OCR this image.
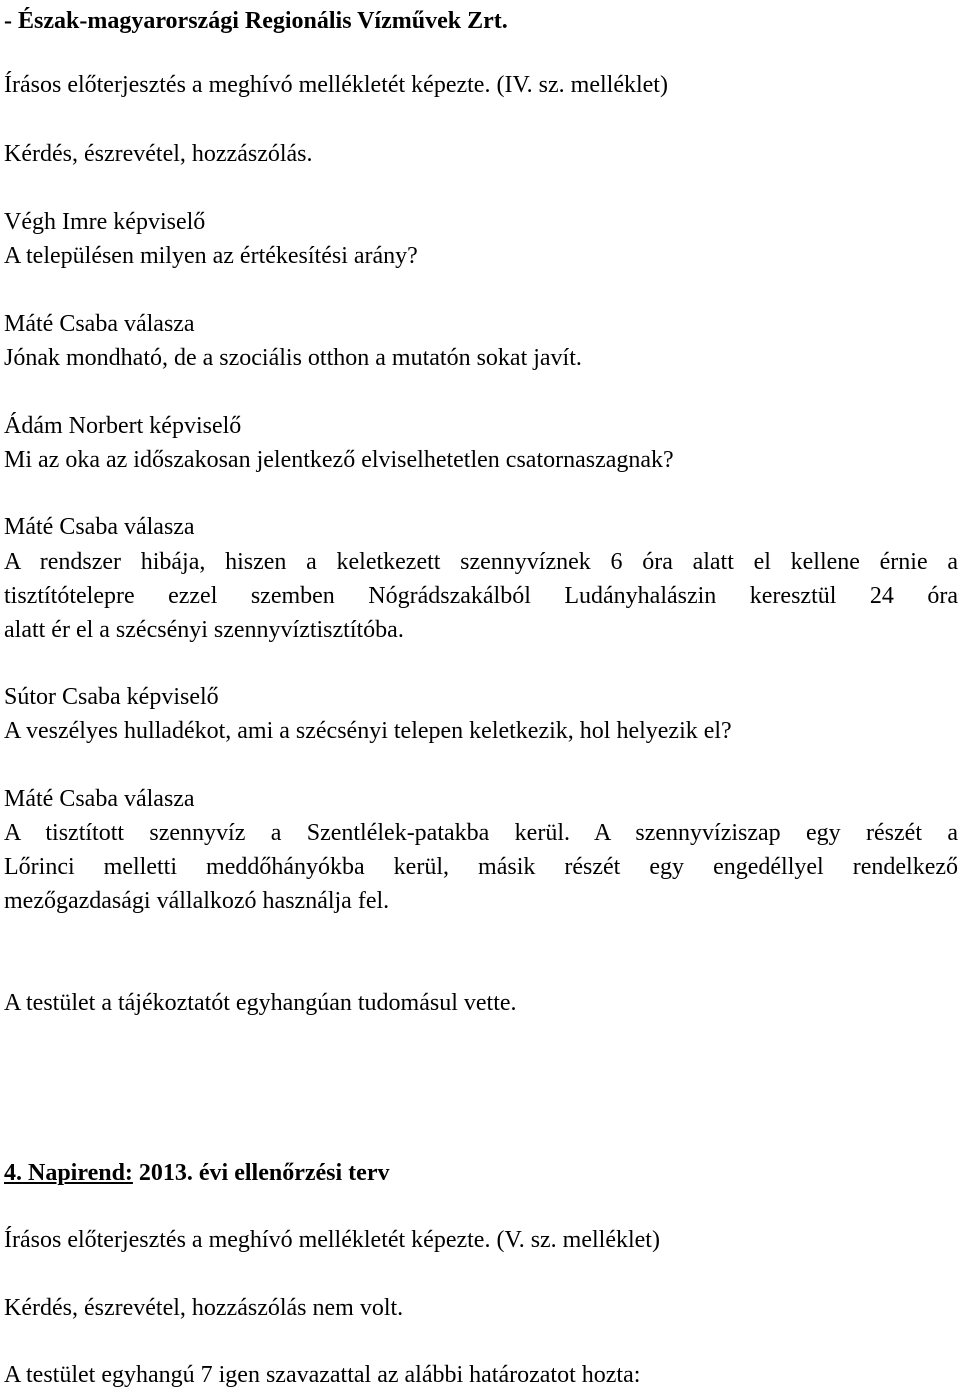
- Észak-magyarországi Regionális Vízművek Zrt.
Írásos előterjesztés a meghívó mellékletét képezte. (IV. sz. melléklet)
Kérdés, észrevétel, hozzászólás.
Végh Imre képviselő
A településen milyen az értékesítési arány?
Máté Csaba válasza
Jónak mondható, de a szociális otthon a mutatón sokat javít.
Ádám Norbert képviselő
Mi az oka az időszakosan jelentkező elviselhetetlen csatornaszagnak?
Máté Csaba válasza
A rendszer hibája, hiszen a keletkezett szennyvíznek 6 óra alatt el kellene érnie a
tisztítótelepre ezzel szemben Nógrádszakálból Ludányhalászin keresztül 24 óra
alatt ér el a szécsényi szennyvíztisztítóba.
Sútor Csaba képviselő
A veszélyes hulladékot, ami a szécsényi telepen keletkezik, hol helyezik el?
Máté Csaba válasza
A tisztított szennyvíz a Szentlélek-patakba kerül. A szennyvíziszap egy részét a
Lőrinci melletti meddőhányókba kerül, másik részét egy engedéllyel rendelkező
mezőgazdasági vállalkozó használja fel.
A testület a tájékoztatót egyhangúan tudomásul vette.
4. Napirend: 2013. évi ellenőrzési terv
Írásos előterjesztés a meghívó mellékletét képezte. (V. sz. melléklet)
Kérdés, észrevétel, hozzászólás nem volt.
A testület egyhangú 7 igen szavazattal az alábbi határozatot hozta:
